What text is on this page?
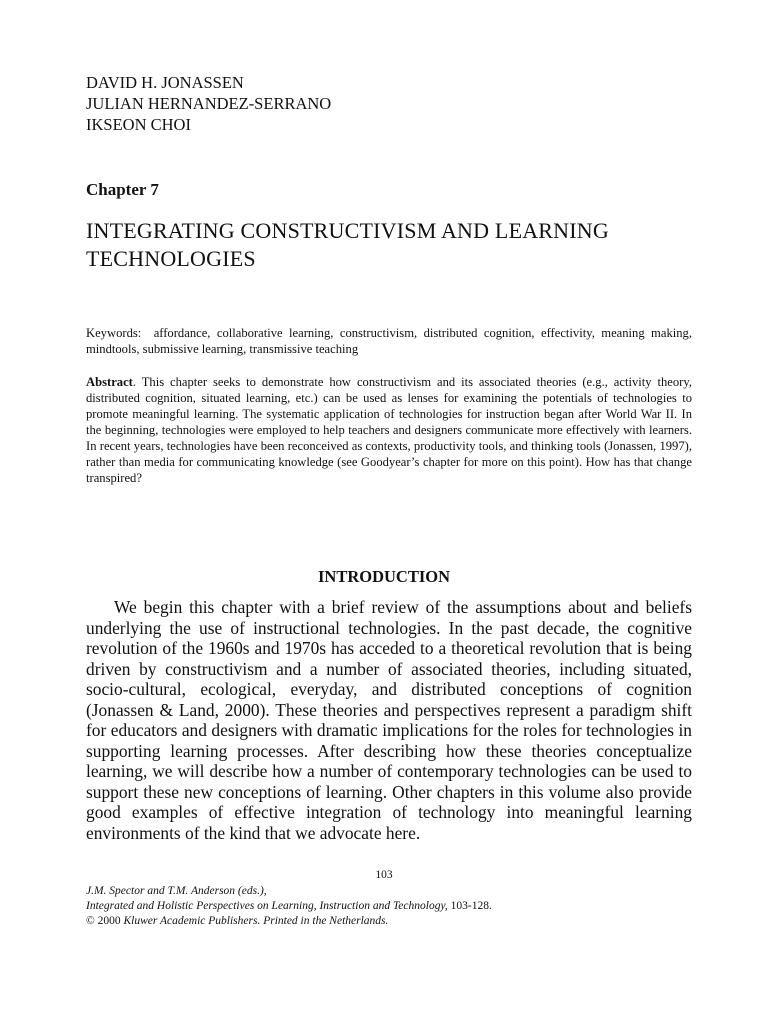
DAVID H. JONASSEN
JULIAN HERNANDEZ-SERRANO
IKSEON CHOI
Chapter 7
INTEGRATING CONSTRUCTIVISM AND LEARNING TECHNOLOGIES
Keywords: affordance, collaborative learning, constructivism, distributed cognition, effectivity, meaning making, mindtools, submissive learning, transmissive teaching
Abstract. This chapter seeks to demonstrate how constructivism and its associated theories (e.g., activity theory, distributed cognition, situated learning, etc.) can be used as lenses for examining the potentials of technologies to promote meaningful learning. The systematic application of technologies for instruction began after World War II. In the beginning, technologies were employed to help teachers and designers communicate more effectively with learners. In recent years, technologies have been reconceived as contexts, productivity tools, and thinking tools (Jonassen, 1997), rather than media for communicating knowledge (see Goodyear’s chapter for more on this point). How has that change transpired?
INTRODUCTION
We begin this chapter with a brief review of the assumptions about and beliefs underlying the use of instructional technologies. In the past decade, the cognitive revolution of the 1960s and 1970s has acceded to a theoretical revolution that is being driven by constructivism and a number of associated theories, including situated, socio-cultural, ecological, everyday, and distributed conceptions of cognition (Jonassen & Land, 2000). These theories and perspectives represent a paradigm shift for educators and designers with dramatic implications for the roles for technologies in supporting learning processes. After describing how these theories conceptualize learning, we will describe how a number of contemporary technologies can be used to support these new conceptions of learning. Other chapters in this volume also provide good examples of effective integration of technology into meaningful learning environments of the kind that we advocate here.
103
J.M. Spector and T.M. Anderson (eds.),
Integrated and Holistic Perspectives on Learning, Instruction and Technology, 103-128.
© 2000 Kluwer Academic Publishers. Printed in the Netherlands.
